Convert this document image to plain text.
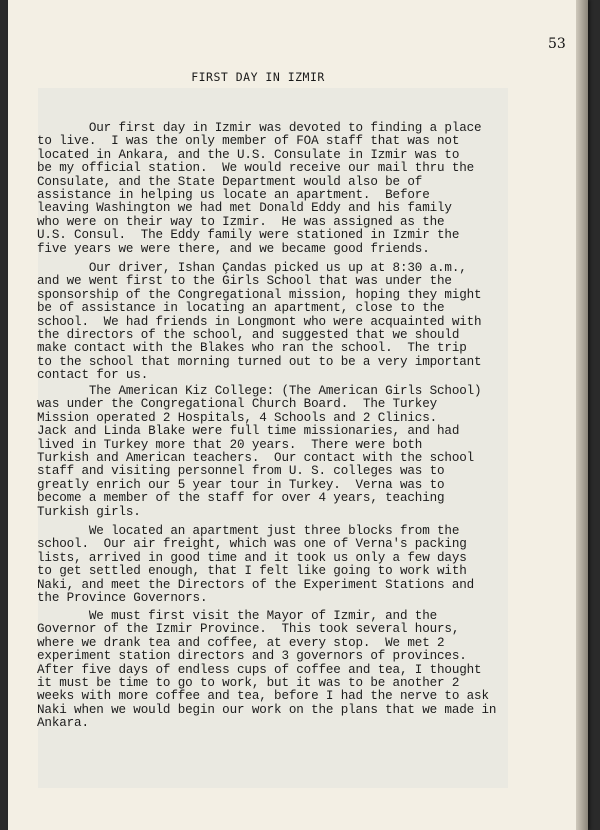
53
FIRST DAY IN IZMIR

Our first day in Izmir was devoted to finding a place
to live.  I was the only member of FOA staff that was not
located in Ankara, and the U.S. Consulate in Izmir was to
be my official station.  We would receive our mail thru the
Consulate, and the State Department would also be of
assistance in helping us locate an apartment.  Before
leaving Washington we had met Donald Eddy and his family
who were on their way to Izmir.  He was assigned as the
U.S. Consul.  The Eddy family were stationed in Izmir the
five years we were there, and we became good friends.

Our driver, Ishan Çandas picked us up at 8:30 a.m.,
and we went first to the Girls School that was under the
sponsorship of the Congregational mission, hoping they might
be of assistance in locating an apartment, close to the
school.  We had friends in Longmont who were acquainted with
the directors of the school, and suggested that we should
make contact with the Blakes who ran the school.  The trip
to the school that morning turned out to be a very important
contact for us.

The American Kiz College: (The American Girls School)
was under the Congregational Church Board.  The Turkey
Mission operated 2 Hospitals, 4 Schools and 2 Clinics.
Jack and Linda Blake were full time missionaries, and had
lived in Turkey more that 20 years.  There were both
Turkish and American teachers.  Our contact with the school
staff and visiting personnel from U. S. colleges was to
greatly enrich our 5 year tour in Turkey.  Verna was to
become a member of the staff for over 4 years, teaching
Turkish girls.

We located an apartment just three blocks from the
school.  Our air freight, which was one of Verna's packing
lists, arrived in good time and it took us only a few days
to get settled enough, that I felt like going to work with
Naki, and meet the Directors of the Experiment Stations and
the Province Governors.

We must first visit the Mayor of Izmir, and the
Governor of the Izmir Province.  This took several hours,
where we drank tea and coffee, at every stop.  We met 2
experiment station directors and 3 governors of provinces.
After five days of endless cups of coffee and tea, I thought
it must be time to go to work, but it was to be another 2
weeks with more coffee and tea, before I had the nerve to ask
Naki when we would begin our work on the plans that we made in
Ankara.
